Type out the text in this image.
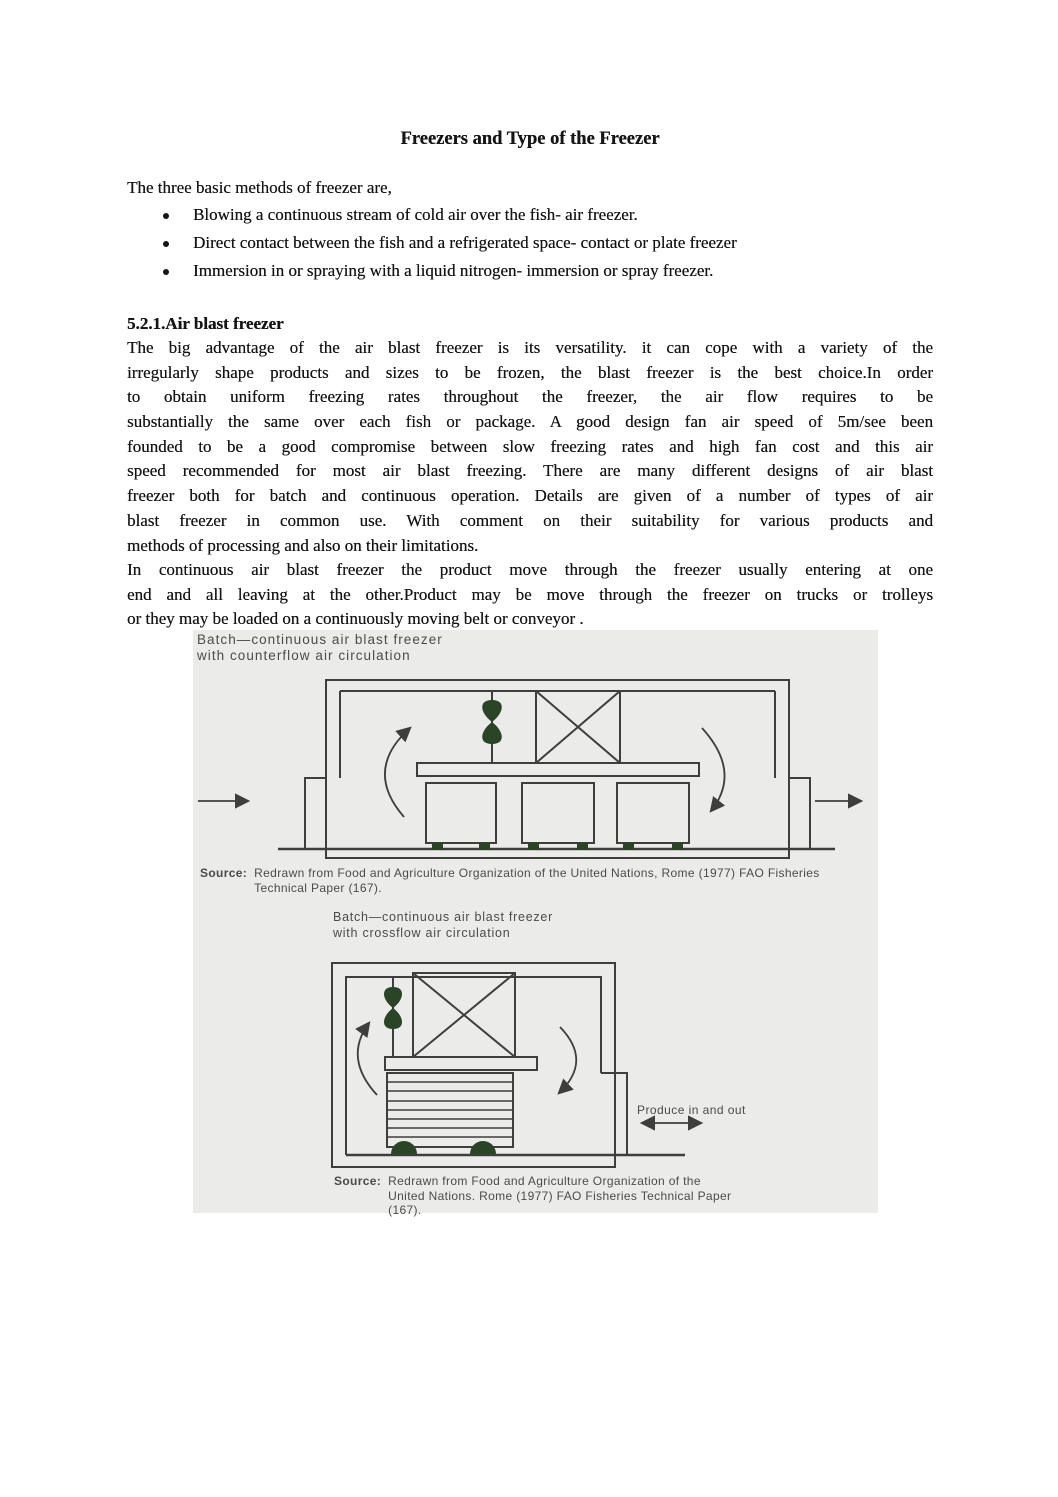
Freezers and Type of the Freezer
The three basic methods of freezer are,
Blowing a continuous stream of cold air over the fish- air freezer.
Direct contact between the fish and a refrigerated space- contact or plate freezer
Immersion in or spraying with a liquid nitrogen- immersion or spray freezer.
5.2.1.Air blast freezer
The big advantage of the air blast freezer is its versatility. it can cope with a variety of the
irregularly shape products and sizes to be frozen, the blast freezer is the best choice.In order
to obtain uniform freezing rates throughout the freezer, the air flow requires to be
substantially the same over each fish or package. A good design fan air speed of 5m/see been
founded to be a good compromise between slow freezing rates and high fan cost and this air
speed recommended for most air blast freezing. There are many different designs of air blast
freezer both for batch and continuous operation. Details are given of a number of types of air
blast freezer in common use. With comment on their suitability for various products and
methods of processing and also on their limitations.
In continuous air blast freezer the product move through the freezer usually entering at one
end and all leaving at the other.Product may be move through the freezer on trucks or trolleys
or they may be loaded on a continuously moving belt or conveyor .
Batch—continuous air blast freezer
with counterflow air circulation
Source: Redrawn from Food and Agriculture Organization of the United Nations, Rome (1977) FAO Fisheries
Technical Paper (167).
Batch—continuous air blast freezer
with crossflow air circulation
Produce in and out
Source: Redrawn from Food and Agriculture Organization of the
United Nations. Rome (1977) FAO Fisheries Technical Paper
(167).
